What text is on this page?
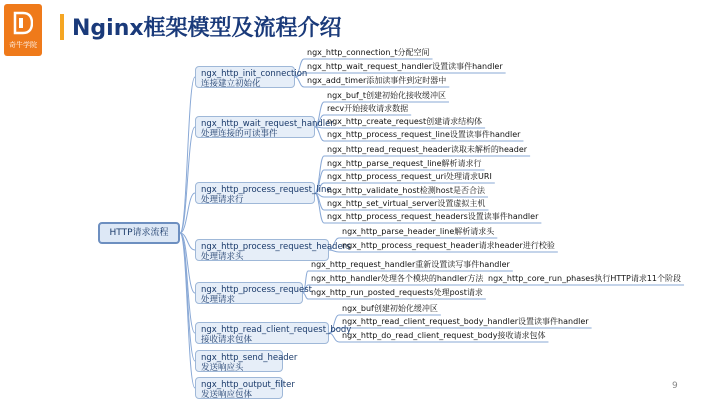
奇牛学院
Nginx框架模型及流程介绍
HTTP请求流程
ngx_http_init_connection
连接建立初始化
ngx_http_connection_t分配空间
ngx_http_wait_request_handler设置读事件handler
ngx_add_timer添加读事件到定时器中
ngx_http_wait_request_handler
处理连接的可读事件
ngx_buf_t创建初始化接收缓冲区
recv开始接收请求数据
ngx_http_create_request创建请求结构体
ngx_http_process_request_line设置读事件handler
ngx_http_process_request_line
处理请求行
ngx_http_read_request_header读取未解析的header
ngx_http_parse_request_line解析请求行
ngx_http_process_request_uri处理请求URI
ngx_http_validate_host检测host是否合法
ngx_http_set_virtual_server设置虚拟主机
ngx_http_process_request_headers设置读事件handler
ngx_http_process_request_headers
处理请求头
ngx_http_parse_header_line解析请求头
ngx_http_process_request_header请求header进行校验
ngx_http_process_request
处理请求
ngx_http_request_handler重新设置读写事件handler
ngx_http_handler处理各个模块的handler方法
ngx_http_run_posted_requests处理post请求
ngx_http_core_run_phases执行HTTP请求11个阶段
ngx_http_read_client_request_body
接收请求包体
ngx_buf创建初始化缓冲区
ngx_http_read_client_request_body_handler设置读事件handler
ngx_http_do_read_client_request_body接收请求包体
ngx_http_send_header
发送响应头
ngx_http_output_filter
发送响应包体
9
